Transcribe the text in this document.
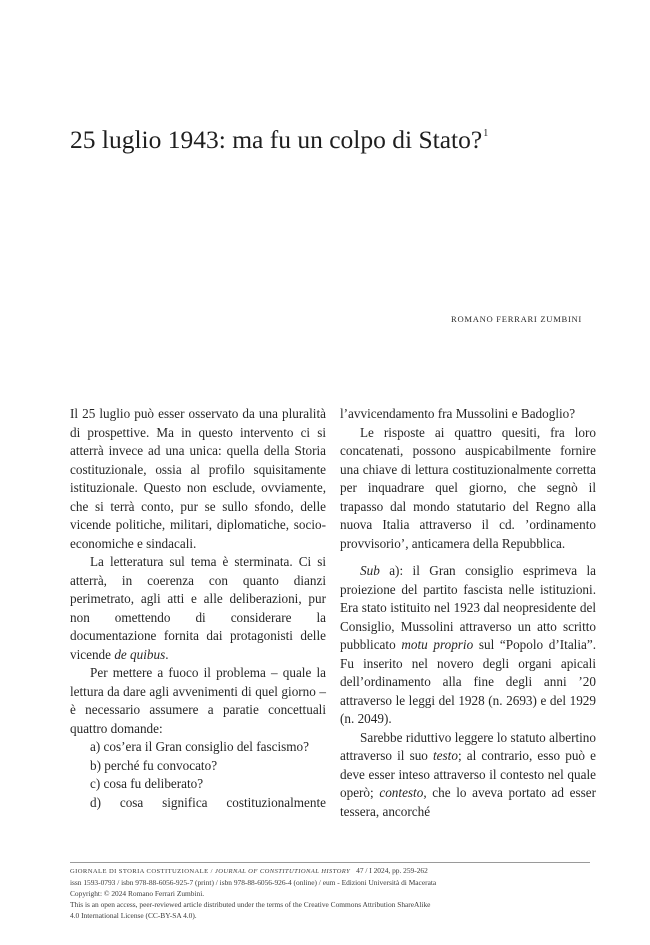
25 luglio 1943: ma fu un colpo di Stato?$^1$
ROMANO FERRARI ZUMBINI

Il 25 luglio può esser osservato da una pluralità di prospettive. Ma in questo intervento ci si atterrà invece ad una unica: quella della Storia costituzionale, ossia al profilo squisitamente istituzionale. Questo non esclude, ovviamente, che si terrà conto, pur se sullo sfondo, delle vicende politiche, militari, diplomatiche, socio-economiche e sindacali.

La letteratura sul tema è sterminata. Ci si atterrà, in coerenza con quanto dianzi perimetrato, agli atti e alle deliberazioni, pur non omettendo di considerare la documentazione fornita dai protagonisti delle vicende de quibus.

Per mettere a fuoco il problema – quale la lettura da dare agli avvenimenti di quel giorno – è necessario assumere a paratie concettuali quattro domande:

a) cos’era il Gran consiglio del fascismo?

b) perché fu convocato?

c) cosa fu deliberato?

d) cosa significa costituzionalmente

l’avvicendamento fra Mussolini e Badoglio?

Le risposte ai quattro quesiti, fra loro concatenati, possono auspicabilmente fornire una chiave di lettura costituzionalmente corretta per inquadrare quel giorno, che segnò il trapasso dal mondo statutario del Regno alla nuova Italia attraverso il cd. ’ordinamento provvisorio’, anticamera della Repubblica.

Sub a): il Gran consiglio esprimeva la proiezione del partito fascista nelle istituzioni. Era stato istituito nel 1923 dal neopresidente del Consiglio, Mussolini attraverso un atto scritto pubblicato motu proprio sul “Popolo d’Italia”. Fu inserito nel novero degli organi apicali dell’ordinamento alla fine degli anni ’20 attraverso le leggi del 1928 (n. 2693) e del 1929 (n. 2049).

Sarebbe riduttivo leggere lo statuto albertino attraverso il suo testo; al contrario, esso può e deve esser inteso attraverso il contesto nel quale operò; contesto, che lo aveva portato ad esser tessera, ancorché

GIORNALE DI STORIA COSTITUZIONALE / JOURNAL OF CONSTITUTIONAL HISTORY 47 / I 2024, pp. 259-262
issn 1593-0793 / isbn 978-88-6056-925-7 (print) / isbn 978-88-6056-926-4 (online) / eum - Edizioni Università di Macerata
Copyright: © 2024 Romano Ferrari Zumbini.
This is an open access, peer-reviewed article distributed under the terms of the Creative Commons Attribution ShareAlike
4.0 International License (CC-BY-SA 4.0).
